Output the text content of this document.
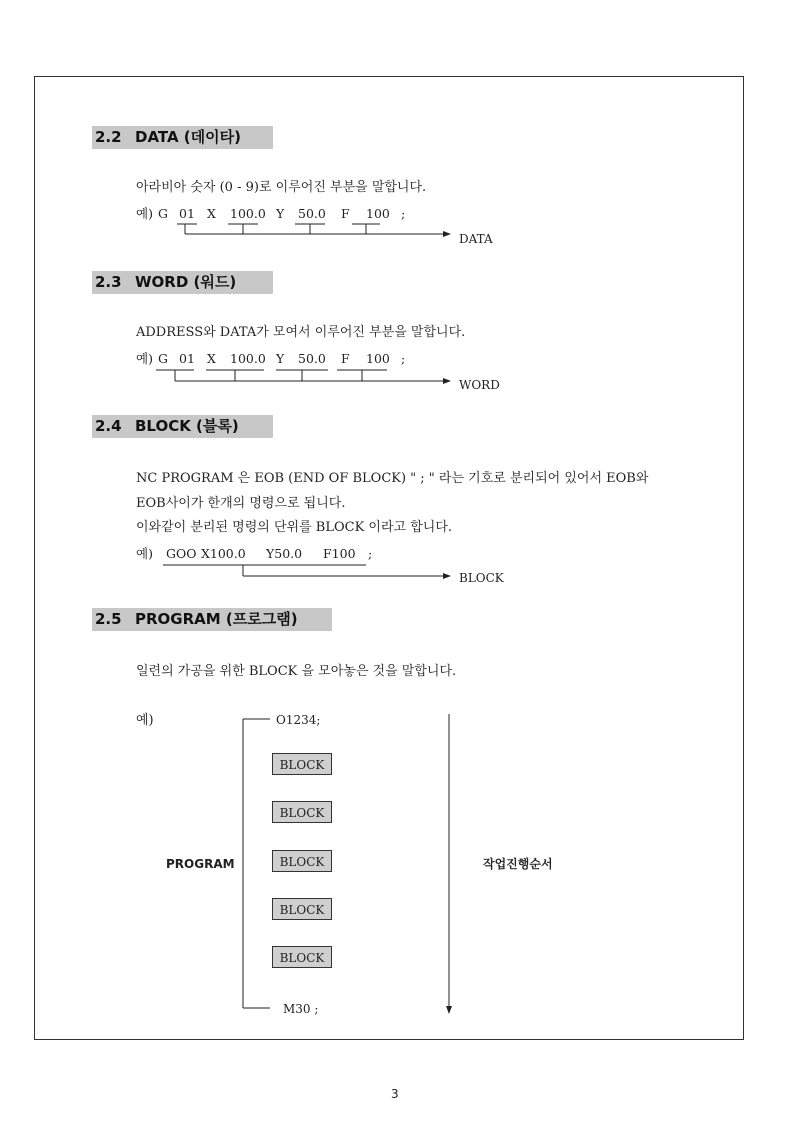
2.2 DATA (데이타)
아라비아 숫자 (0 - 9)로 이루어진 부분을 말합니다.

예)

G

01

X

100.0

Y

50.0

F

100

;

DATA
2.3 WORD (워드)
ADDRESS와 DATA가 모여서 이루어진 부분을 말합니다.

예)

G

01

X

100.0

Y

50.0

F

100

;

WORD
2.4 BLOCK (블록)
NC PROGRAM 은 EOB (END OF BLOCK) " ; " 라는 기호로 분리되어 있어서 EOB와
EOB사이가 한개의 명령으로 됩니다.
이와같이 분리된 명령의 단위를 BLOCK 이라고 합니다.

예)

GOO

X100.0

Y50.0

F100

;

BLOCK
2.5 PROGRAM (프로그램)
일련의 가공을 위한 BLOCK 을 모아놓은 것을 말합니다.
예)	O1234;
BLOCK
BLOCK
BLOCK
BLOCK
BLOCK
M30 ;
PROGRAM	작업진행순서
3
